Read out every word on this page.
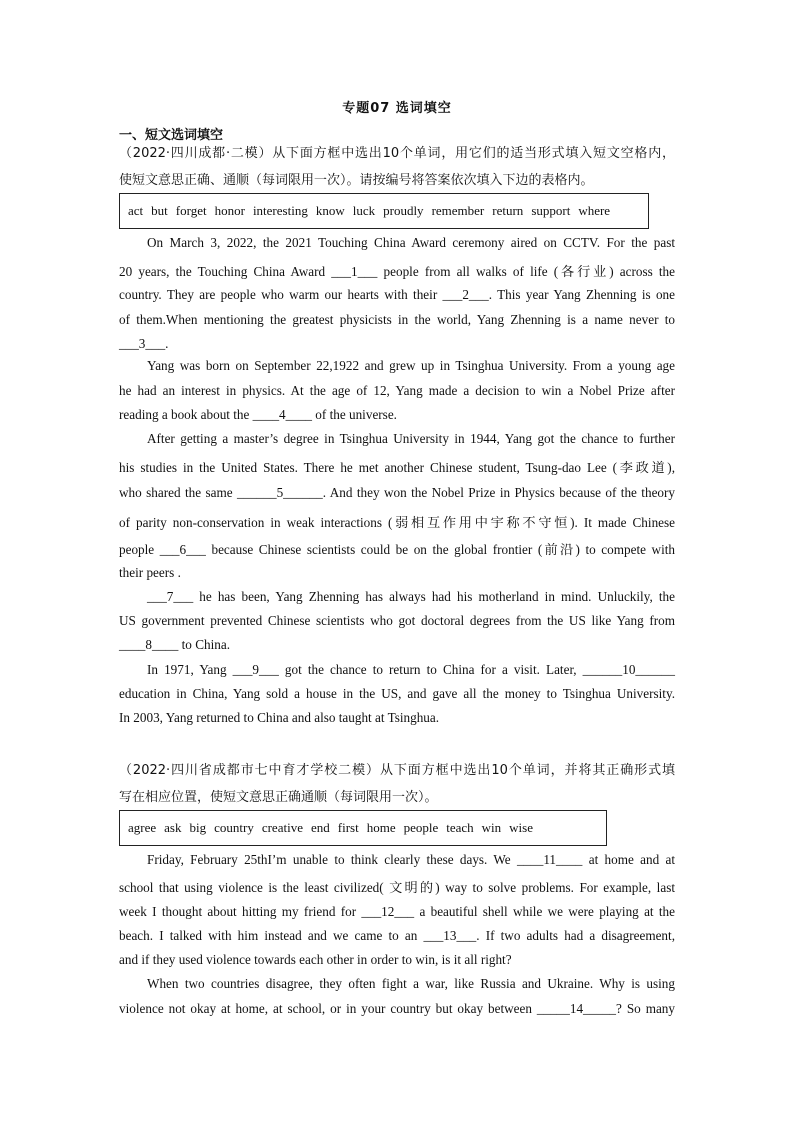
专题07 选词填空
一、短文选词填空
（2022·四川成都·二模）从下面方框中选出10个单词，用它们的适当形式填入短文空格内，
使短文意思正确、通顺（每词限用一次）。请按编号将答案依次填入下边的表格内。
act but forget honor interesting know luck proudly remember return support where
On March 3, 2022, the 2021 Touching China Award ceremony aired on CCTV. For the past
20 years, the Touching China Award ___1___ people from all walks of life (各行业) across the
country. They are people who warm our hearts with their ___2___. This year Yang Zhenning is one
of them.When mentioning the greatest physicists in the world, Yang Zhenning is a name never to
___3___.
Yang was born on September 22,1922 and grew up in Tsinghua University. From a young age
he had an interest in physics. At the age of 12, Yang made a decision to win a Nobel Prize after
reading a book about the ____4____ of the universe.
After getting a master’s degree in Tsinghua University in 1944, Yang got the chance to further
his studies in the United States. There he met another Chinese student, Tsung-dao Lee (李政道),
who shared the same ______5______. And they won the Nobel Prize in Physics because of the theory
of parity non-conservation in weak interactions (弱相互作用中宇称不守恒). It made Chinese
people ___6___ because Chinese scientists could be on the global frontier (前沿) to compete with
their peers .
___7___ he has been, Yang Zhenning has always had his motherland in mind. Unluckily, the
US government prevented Chinese scientists who got doctoral degrees from the US like Yang from
____8____ to China.
In 1971, Yang ___9___ got the chance to return to China for a visit. Later, ______10______
education in China, Yang sold a house in the US, and gave all the money to Tsinghua University.
In 2003, Yang returned to China and also taught at Tsinghua.
（2022·四川省成都市七中育才学校二模）从下面方框中选出10个单词，并将其正确形式填
写在相应位置，使短文意思正确通顺（每词限用一次）。
agree ask big country creative end first home people teach win wise
Friday, February 25thI’m unable to think clearly these days. We ____11____ at home and at
school that using violence is the least civilized( 文明的) way to solve problems. For example, last
week I thought about hitting my friend for ___12___ a beautiful shell while we were playing at the
beach. I talked with him instead and we came to an ___13___. If two adults had a disagreement,
and if they used violence towards each other in order to win, is it all right?
When two countries disagree, they often fight a war, like Russia and Ukraine. Why is using
violence not okay at home, at school, or in your country but okay between _____14_____? So many
